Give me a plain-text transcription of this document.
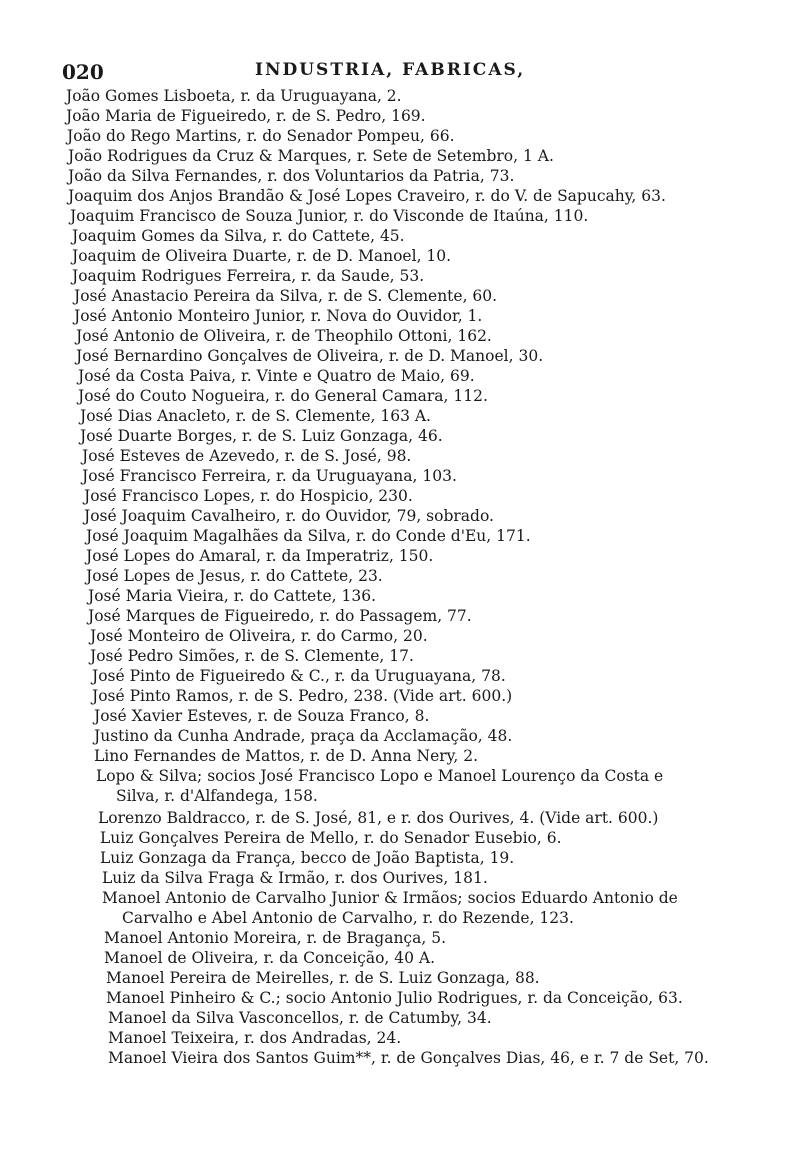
020	INDUSTRIA, FABRICAS,
João Gomes Lisboeta, r. da Uruguayana, 2.
João Maria de Figueiredo, r. de S. Pedro, 169.
João do Rego Martins, r. do Senador Pompeu, 66.
João Rodrigues da Cruz & Marques, r. Sete de Setembro, 1 A.
João da Silva Fernandes, r. dos Voluntarios da Patria, 73.
Joaquim dos Anjos Brandão & José Lopes Craveiro, r. do V. de Sapucahy, 63.
Joaquim Francisco de Souza Junior, r. do Visconde de Itaúna, 110.
Joaquim Gomes da Silva, r. do Cattete, 45.
Joaquim de Oliveira Duarte, r. de D. Manoel, 10.
Joaquim Rodrigues Ferreira, r. da Saude, 53.
José Anastacio Pereira da Silva, r. de S. Clemente, 60.
José Antonio Monteiro Junior, r. Nova do Ouvidor, 1.
José Antonio de Oliveira, r. de Theophilo Ottoni, 162.
José Bernardino Gonçalves de Oliveira, r. de D. Manoel, 30.
José da Costa Paiva, r. Vinte e Quatro de Maio, 69.
José do Couto Nogueira, r. do General Camara, 112.
José Dias Anacleto, r. de S. Clemente, 163 A.
José Duarte Borges, r. de S. Luiz Gonzaga, 46.
José Esteves de Azevedo, r. de S. José, 98.
José Francisco Ferreira, r. da Uruguayana, 103.
José Francisco Lopes, r. do Hospicio, 230.
José Joaquim Cavalheiro, r. do Ouvidor, 79, sobrado.
José Joaquim Magalhães da Silva, r. do Conde d'Eu, 171.
José Lopes do Amaral, r. da Imperatriz, 150.
José Lopes de Jesus, r. do Cattete, 23.
José Maria Vieira, r. do Cattete, 136.
José Marques de Figueiredo, r. do Passagem, 77.
José Monteiro de Oliveira, r. do Carmo, 20.
José Pedro Simões, r. de S. Clemente, 17.
José Pinto de Figueiredo & C., r. da Uruguayana, 78.
José Pinto Ramos, r. de S. Pedro, 238. (Vide art. 600.)
José Xavier Esteves, r. de Souza Franco, 8.
Justino da Cunha Andrade, praça da Acclamação, 48.
Lino Fernandes de Mattos, r. de D. Anna Nery, 2.
Lopo & Silva; socios José Francisco Lopo e Manoel Lourenço da Costa e
Silva, r. d'Alfandega, 158.
Lorenzo Baldracco, r. de S. José, 81, e r. dos Ourives, 4. (Vide art. 600.)
Luiz Gonçalves Pereira de Mello, r. do Senador Eusebio, 6.
Luiz Gonzaga da França, becco de João Baptista, 19.
Luiz da Silva Fraga & Irmão, r. dos Ourives, 181.
Manoel Antonio de Carvalho Junior & Irmãos; socios Eduardo Antonio de
Carvalho e Abel Antonio de Carvalho, r. do Rezende, 123.
Manoel Antonio Moreira, r. de Bragança, 5.
Manoel de Oliveira, r. da Conceição, 40 A.
Manoel Pereira de Meirelles, r. de S. Luiz Gonzaga, 88.
Manoel Pinheiro & C.; socio Antonio Julio Rodrigues, r. da Conceição, 63.
Manoel da Silva Vasconcellos, r. de Catumby, 34.
Manoel Teixeira, r. dos Andradas, 24.
Manoel Vieira dos Santos Guim**, r. de Gonçalves Dias, 46, e r. 7 de Set, 70.
